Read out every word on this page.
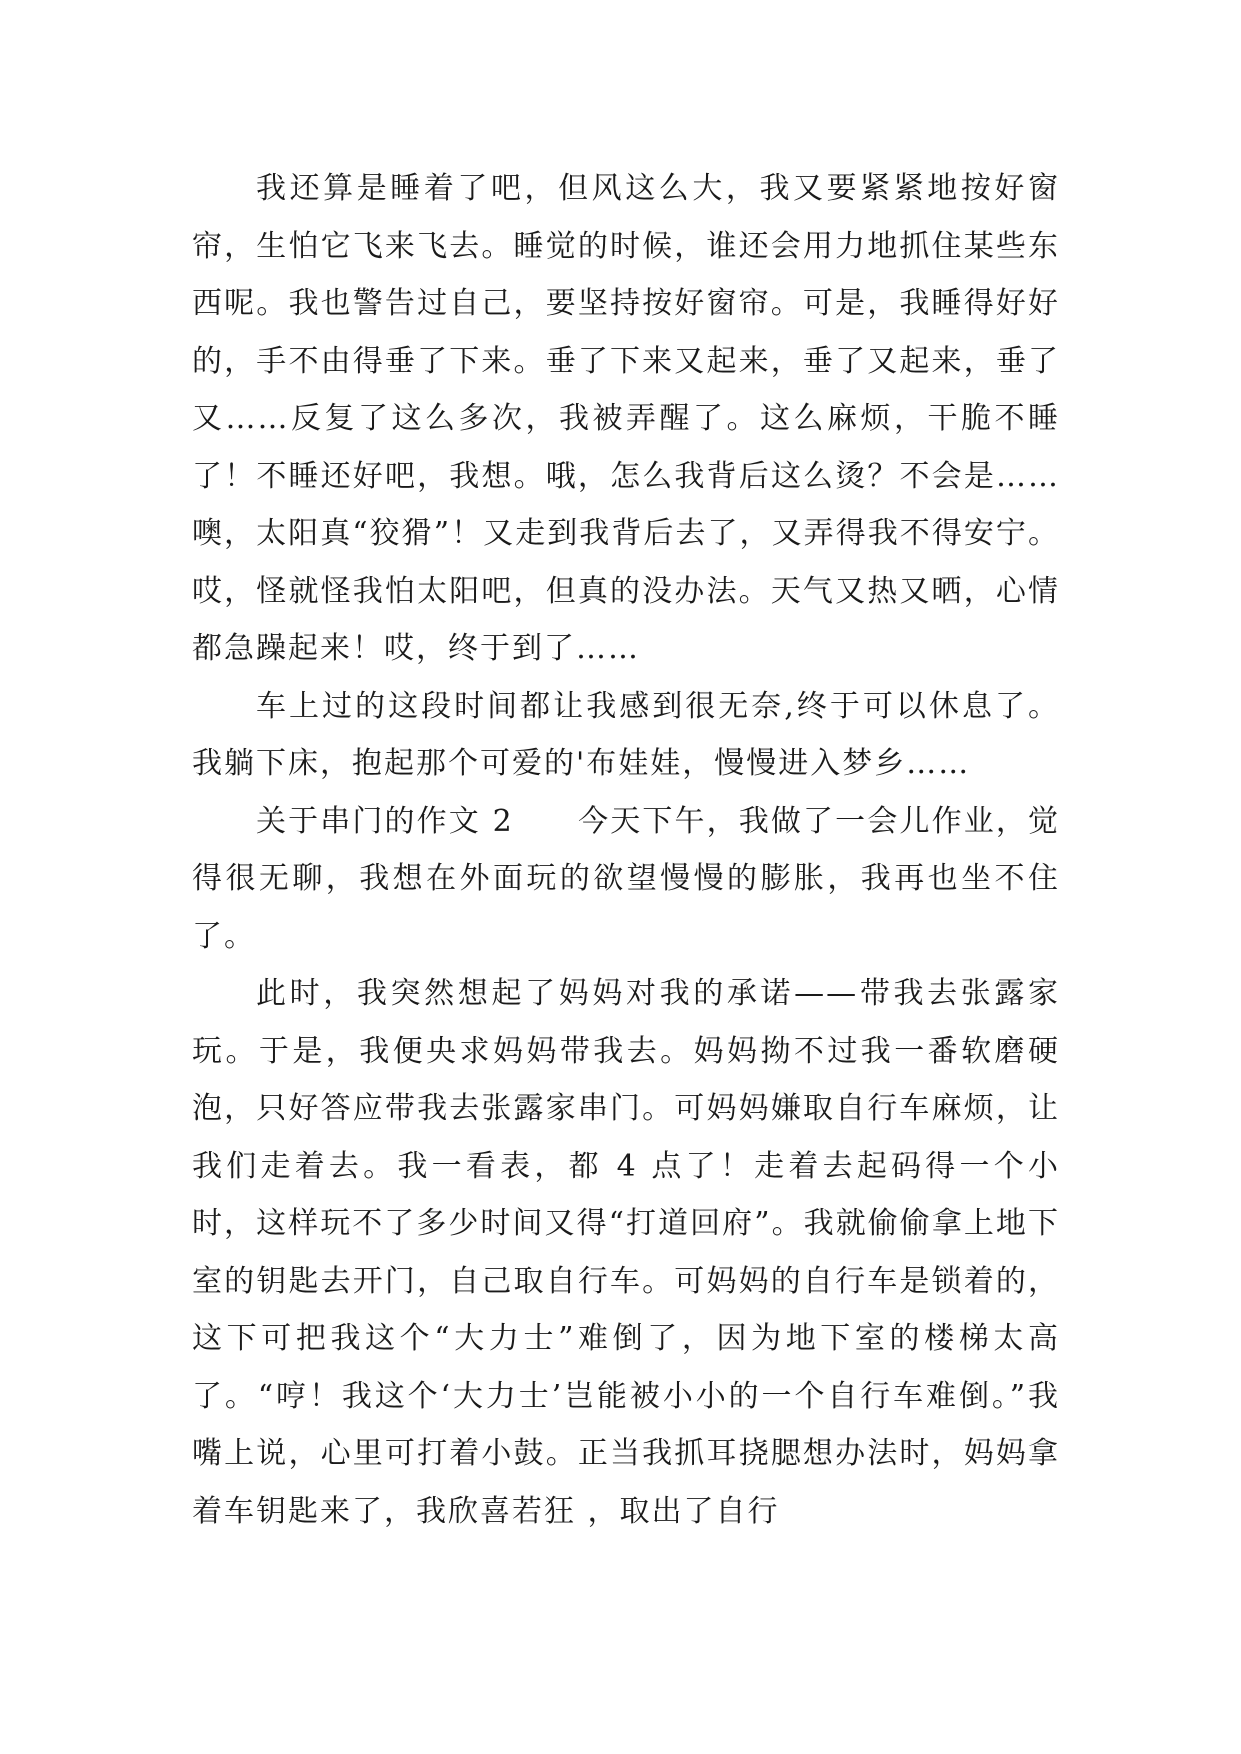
我还算是睡着了吧，但风这么大，我又要紧紧地按好窗帘，生怕它飞来飞去。睡觉的时候，谁还会用力地抓住某些东西呢。我也警告过自己，要坚持按好窗帘。可是，我睡得好好的，手不由得垂了下来。垂了下来又起来，垂了又起来，垂了又……反复了这么多次，我被弄醒了。这么麻烦，干脆不睡了！不睡还好吧，我想。哦，怎么我背后这么烫？不会是……噢，太阳真“狡猾”！又走到我背后去了，又弄得我不得安宁。哎，怪就怪我怕太阳吧，但真的没办法。天气又热又晒，心情都急躁起来！哎，终于到了……

车上过的这段时间都让我感到很无奈,终于可以休息了。我躺下床，抱起那个可爱的'布娃娃，慢慢进入梦乡……

关于串门的作文 2　　今天下午，我做了一会儿作业，觉得很无聊，我想在外面玩的欲望慢慢的膨胀，我再也坐不住了。

此时，我突然想起了妈妈对我的承诺——带我去张露家玩。于是，我便央求妈妈带我去。妈妈拗不过我一番软磨硬泡，只好答应带我去张露家串门。可妈妈嫌取自行车麻烦，让我们走着去。我一看表，都 4 点了！走着去起码得一个小时，这样玩不了多少时间又得“打道回府”。我就偷偷拿上地下室的钥匙去开门，自己取自行车。可妈妈的自行车是锁着的，这下可把我这个“大力士”难倒了，因为地下室的楼梯太高了。“哼！我这个‘大力士’岂能被小小的一个自行车难倒。”我嘴上说，心里可打着小鼓。正当我抓耳挠腮想办法时，妈妈拿着车钥匙来了，我欣喜若狂 ，取出了自行
